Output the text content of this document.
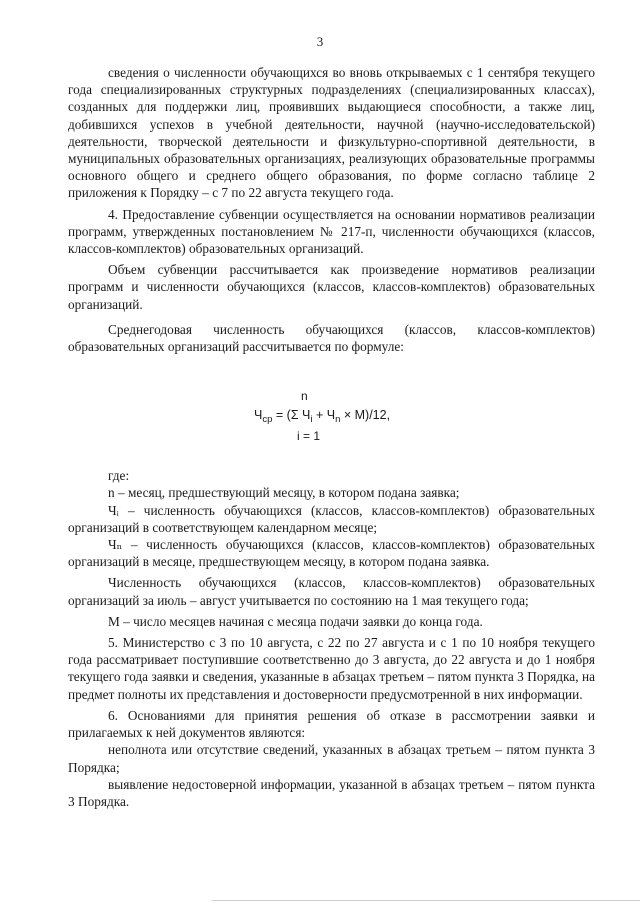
3

сведения о численности обучающихся во вновь открываемых с 1 сентября текущего года специализированных структурных подразделениях (специализированных классах), созданных для поддержки лиц, проявивших выдающиеся способности, а также лиц, добившихся успехов в учебной деятельности, научной (научно-исследовательской) деятельности, творческой деятельности и физкультурно-спортивной деятельности, в муниципальных образовательных организациях, реализующих образовательные программы основного общего и среднего общего образования, по форме согласно таблице 2 приложения к Порядку – с 7 по 22 августа текущего года.

4. Предоставление субвенции осуществляется на основании нормативов реализации программ, утвержденных постановлением № 217-п, численности обучающихся (классов, классов-комплектов) образовательных организаций.

Объем субвенции рассчитывается как произведение нормативов реализации программ и численности обучающихся (классов, классов-комплектов) образовательных организаций.

Среднегодовая численность обучающихся (классов, классов-комплектов) образовательных организаций рассчитывается по формуле:

n
$Ч_{ср} = (\Sigma$ $Ч_i + Ч_n \times М)/12$,
i = 1

где:

n – месяц, предшествующий месяцу, в котором подана заявка;

Чᵢ – численность обучающихся (классов, классов-комплектов) образовательных организаций в соответствующем календарном месяце;

Чₙ – численность обучающихся (классов, классов-комплектов) образовательных организаций в месяце, предшествующем месяцу, в котором подана заявка.

Численность обучающихся (классов, классов-комплектов) образовательных организаций за июль – август учитывается по состоянию на 1 мая текущего года;

М – число месяцев начиная с месяца подачи заявки до конца года.

5. Министерство с 3 по 10 августа, с 22 по 27 августа и с 1 по 10 ноября текущего года рассматривает поступившие соответственно до 3 августа, до 22 августа и до 1 ноября текущего года заявки и сведения, указанные в абзацах третьем – пятом пункта 3 Порядка, на предмет полноты их представления и достоверности предусмотренной в них информации.

6. Основаниями для принятия решения об отказе в рассмотрении заявки и прилагаемых к ней документов являются:

неполнота или отсутствие сведений, указанных в абзацах третьем – пятом пункта 3 Порядка;

выявление недостоверной информации, указанной в абзацах третьем – пятом пункта 3 Порядка.
